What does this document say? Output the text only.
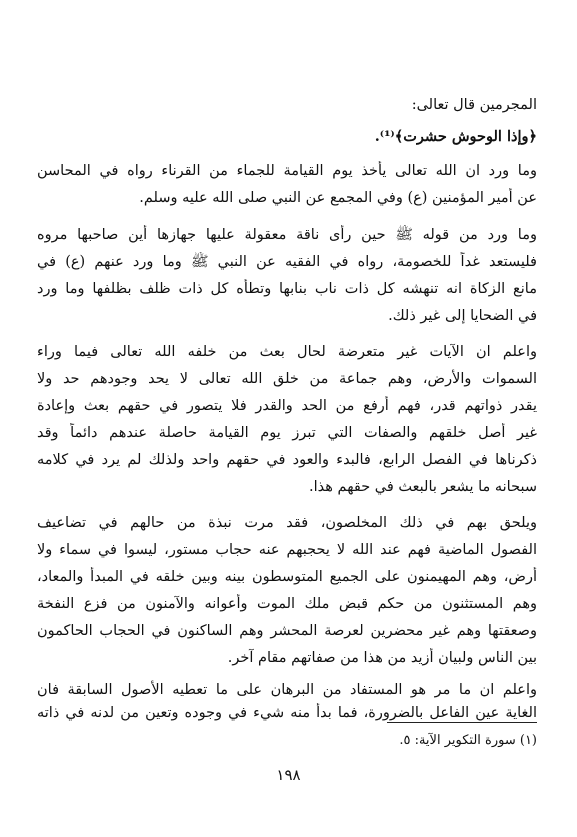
المجرمين قال تعالى:
﴿وإذا الوحوش حشرت﴾⁽¹⁾.
وما ورد ان الله تعالى يأخذ يوم القيامة للجماء من القرناء رواه في المحاسن
عن أمير المؤمنين (ع) وفي المجمع عن النبي صلى الله عليه وسلم.
وما ورد من قوله ﷺ حين رأى ناقة معقولة عليها جهازها أين صاحبها مروه
فليستعد غداً للخصومة، رواه في الفقيه عن النبي ﷺ وما ورد عنهم (ع) في
مانع الزكاة انه تنهشه كل ذات ناب بنابها وتطأه كل ذات ظلف بظلفها وما ورد
في الضحايا إلى غير ذلك.
واعلم ان الآيات غير متعرضة لحال بعث من خلفه الله تعالى فيما وراء
السموات والأرض، وهم جماعة من خلق الله تعالى لا يحد وجودهم حد ولا
يقدر ذواتهم قدر، فهم أرفع من الحد والقدر فلا يتصور في حقهم بعث وإعادة
غير أصل خلقهم والصفات التي تبرز يوم القيامة حاصلة عندهم دائماً وقد
ذكرناها في الفصل الرابع، فالبدء والعود في حقهم واحد ولذلك لم يرد في كلامه
سبحانه ما يشعر بالبعث في حقهم هذا.
ويلحق بهم في ذلك المخلصون، فقد مرت نبذة من حالهم في تضاعيف
الفصول الماضية فهم عند الله لا يحجبهم عنه حجاب مستور، ليسوا في سماء ولا
أرض، وهم المهيمنون على الجميع المتوسطون بينه وبين خلقه في المبدأ والمعاد،
وهم المستثنون من حكم قبض ملك الموت وأعوانه والآمنون من فزع النفخة
وصعقتها وهم غير محضرين لعرصة المحشر وهم الساكنون في الحجاب الحاكمون
بين الناس ولبيان أزيد من هذا من صفاتهم مقام آخر.
واعلم ان ما مر هو المستفاد من البرهان على ما تعطيه الأصول السابقة فان
الغاية عين الفاعل بالضرورة، فما بدأ منه شيء في وجوده وتعين من لدنه في ذاته
(١) سورة التكوير الآية: ٥.
١٩٨
